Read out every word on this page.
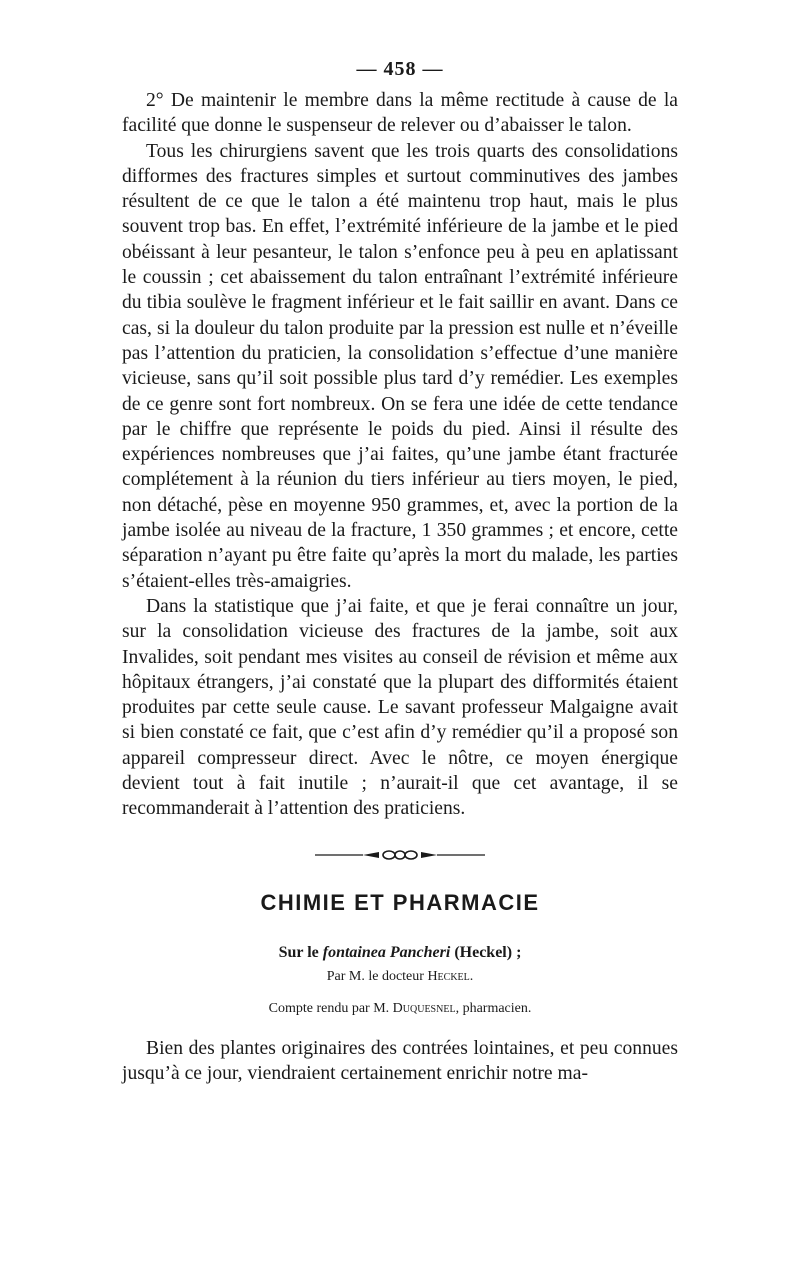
— 458 —

2° De maintenir le membre dans la même rectitude à cause de la facilité que donne le suspenseur de relever ou d’abaisser le talon.

Tous les chirurgiens savent que les trois quarts des consolidations difformes des fractures simples et surtout comminutives des jambes résultent de ce que le talon a été maintenu trop haut, mais le plus souvent trop bas. En effet, l’extrémité inférieure de la jambe et le pied obéissant à leur pesanteur, le talon s’enfonce peu à peu en aplatissant le coussin ; cet abaissement du talon entraînant l’extrémité inférieure du tibia soulève le fragment inférieur et le fait saillir en avant. Dans ce cas, si la douleur du talon produite par la pression est nulle et n’éveille pas l’attention du praticien, la consolidation s’effectue d’une manière vicieuse, sans qu’il soit possible plus tard d’y remédier. Les exemples de ce genre sont fort nombreux. On se fera une idée de cette tendance par le chiffre que représente le poids du pied. Ainsi il résulte des expériences nombreuses que j’ai faites, qu’une jambe étant fracturée complétement à la réunion du tiers inférieur au tiers moyen, le pied, non détaché, pèse en moyenne 950 grammes, et, avec la portion de la jambe isolée au niveau de la fracture, 1 350 grammes ; et encore, cette séparation n’ayant pu être faite qu’après la mort du malade, les parties s’étaient-elles très-amaigries.

Dans la statistique que j’ai faite, et que je ferai connaître un jour, sur la consolidation vicieuse des fractures de la jambe, soit aux Invalides, soit pendant mes visites au conseil de révision et même aux hôpitaux étrangers, j’ai constaté que la plupart des difformités étaient produites par cette seule cause. Le savant professeur Malgaigne avait si bien constaté ce fait, que c’est afin d’y remédier qu’il a proposé son appareil compresseur direct. Avec le nôtre, ce moyen énergique devient tout à fait inutile ; n’aurait-il que cet avantage, il se recommanderait à l’attention des praticiens.

CHIMIE ET PHARMACIE
Sur le fontainea Pancheri (Heckel) ;
Par M. le docteur Heckel.
Compte rendu par M. Duquesnel, pharmacien.

Bien des plantes originaires des contrées lointaines, et peu connues jusqu’à ce jour, viendraient certainement enrichir notre ma-
